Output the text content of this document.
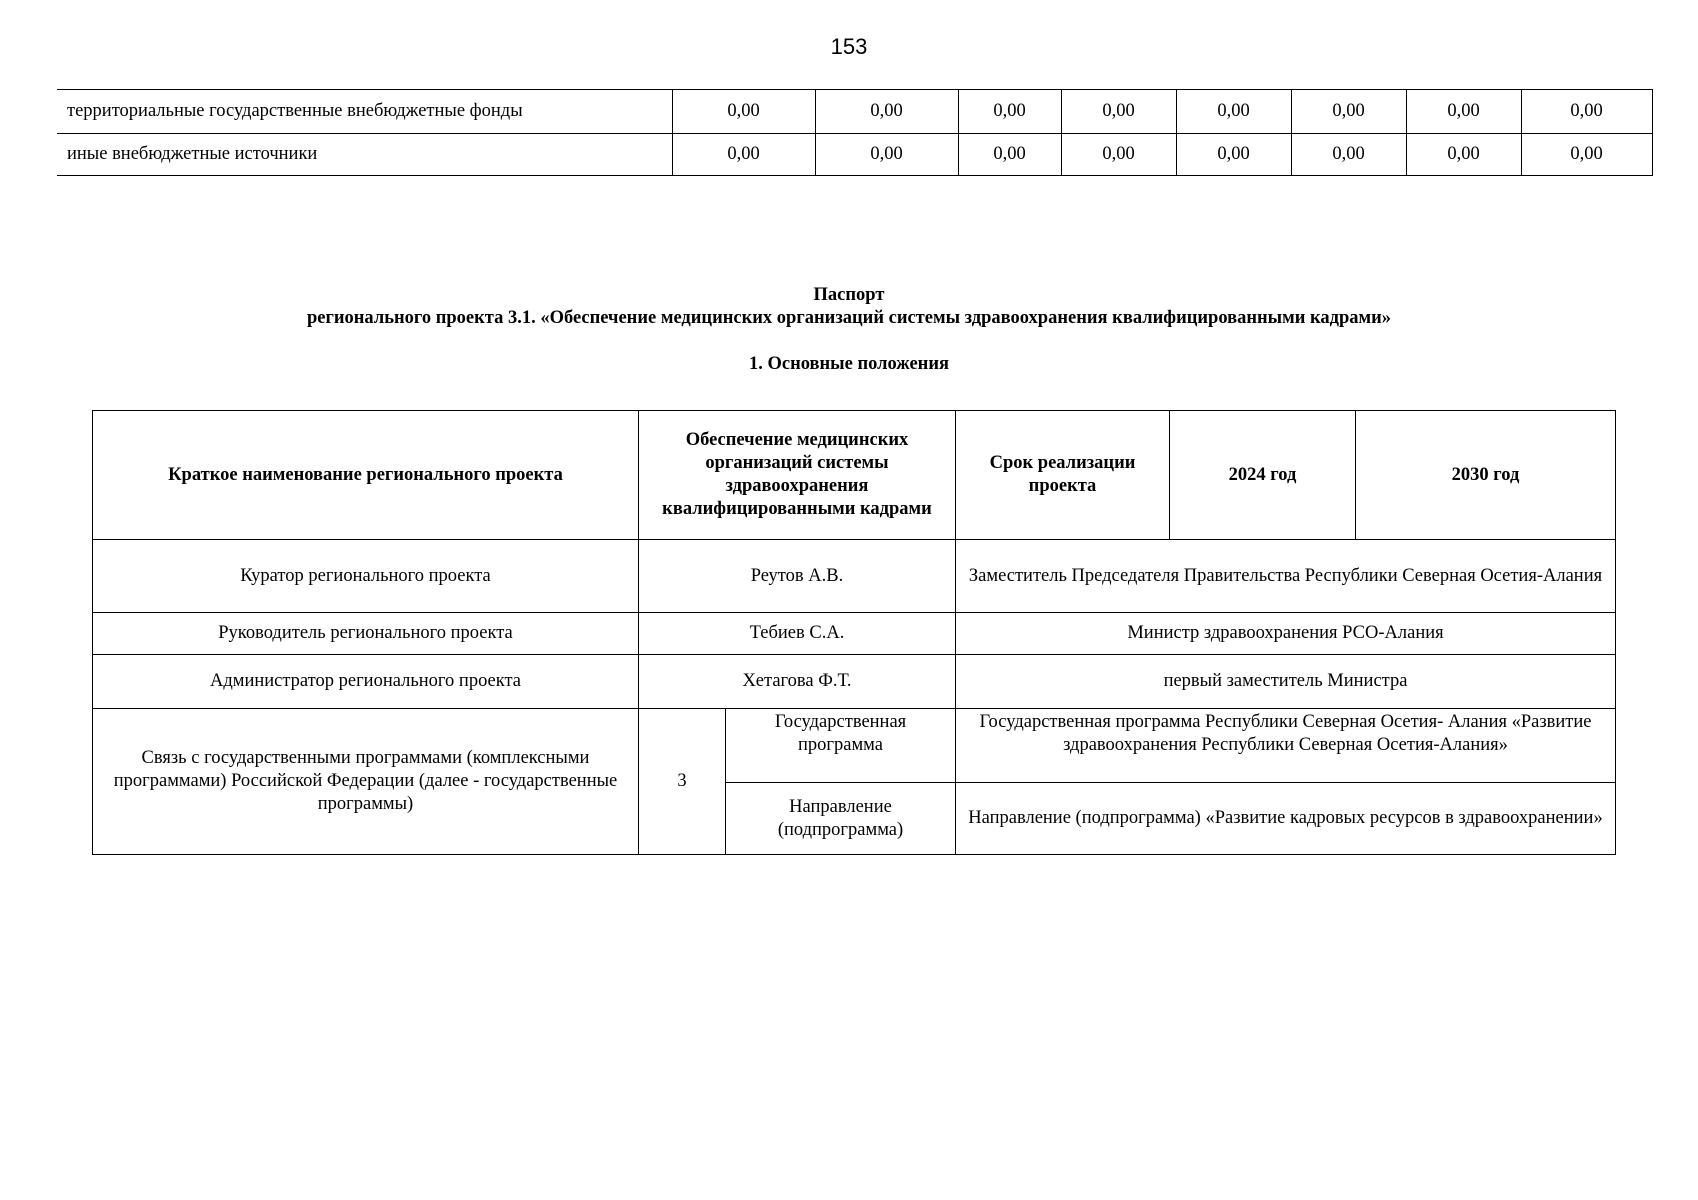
153
территориальные государственные внебюджетные фонды	0,00	0,00	0,00	0,00	0,00	0,00	0,00	0,00
иные внебюджетные источники	0,00	0,00	0,00	0,00	0,00	0,00	0,00	0,00
Паспорт
регионального проекта 3.1. «Обеспечение медицинских организаций системы здравоохранения квалифицированными кадрами»
1. Основные положения
Краткое наименование регионального проекта	Обеспечение медицинских организаций системы здравоохранения квалифицированными кадрами		Срок реализации проекта	2024 год	2030 год
Куратор регионального проекта	Реутов А.В.		Заместитель Председателя Правительства Республики Северная Осетия-Алания		
Руководитель регионального проекта	Тебиев С.А.		Министр здравоохранения РСО-Алания		
Администратор регионального проекта	Хетагова Ф.Т.		первый заместитель Министра		
Связь с государственными программами (комплексными программами) Российской Федерации (далее - государственные программы)	3	Государственная программа	Государственная программа Республики Северная Осетия- Алания «Развитие здравоохранения Республики Северная Осетия-Алания»		
		Направление (подпрограмма)	Направление (подпрограмма) «Развитие кадровых ресурсов в здравоохранении»		
